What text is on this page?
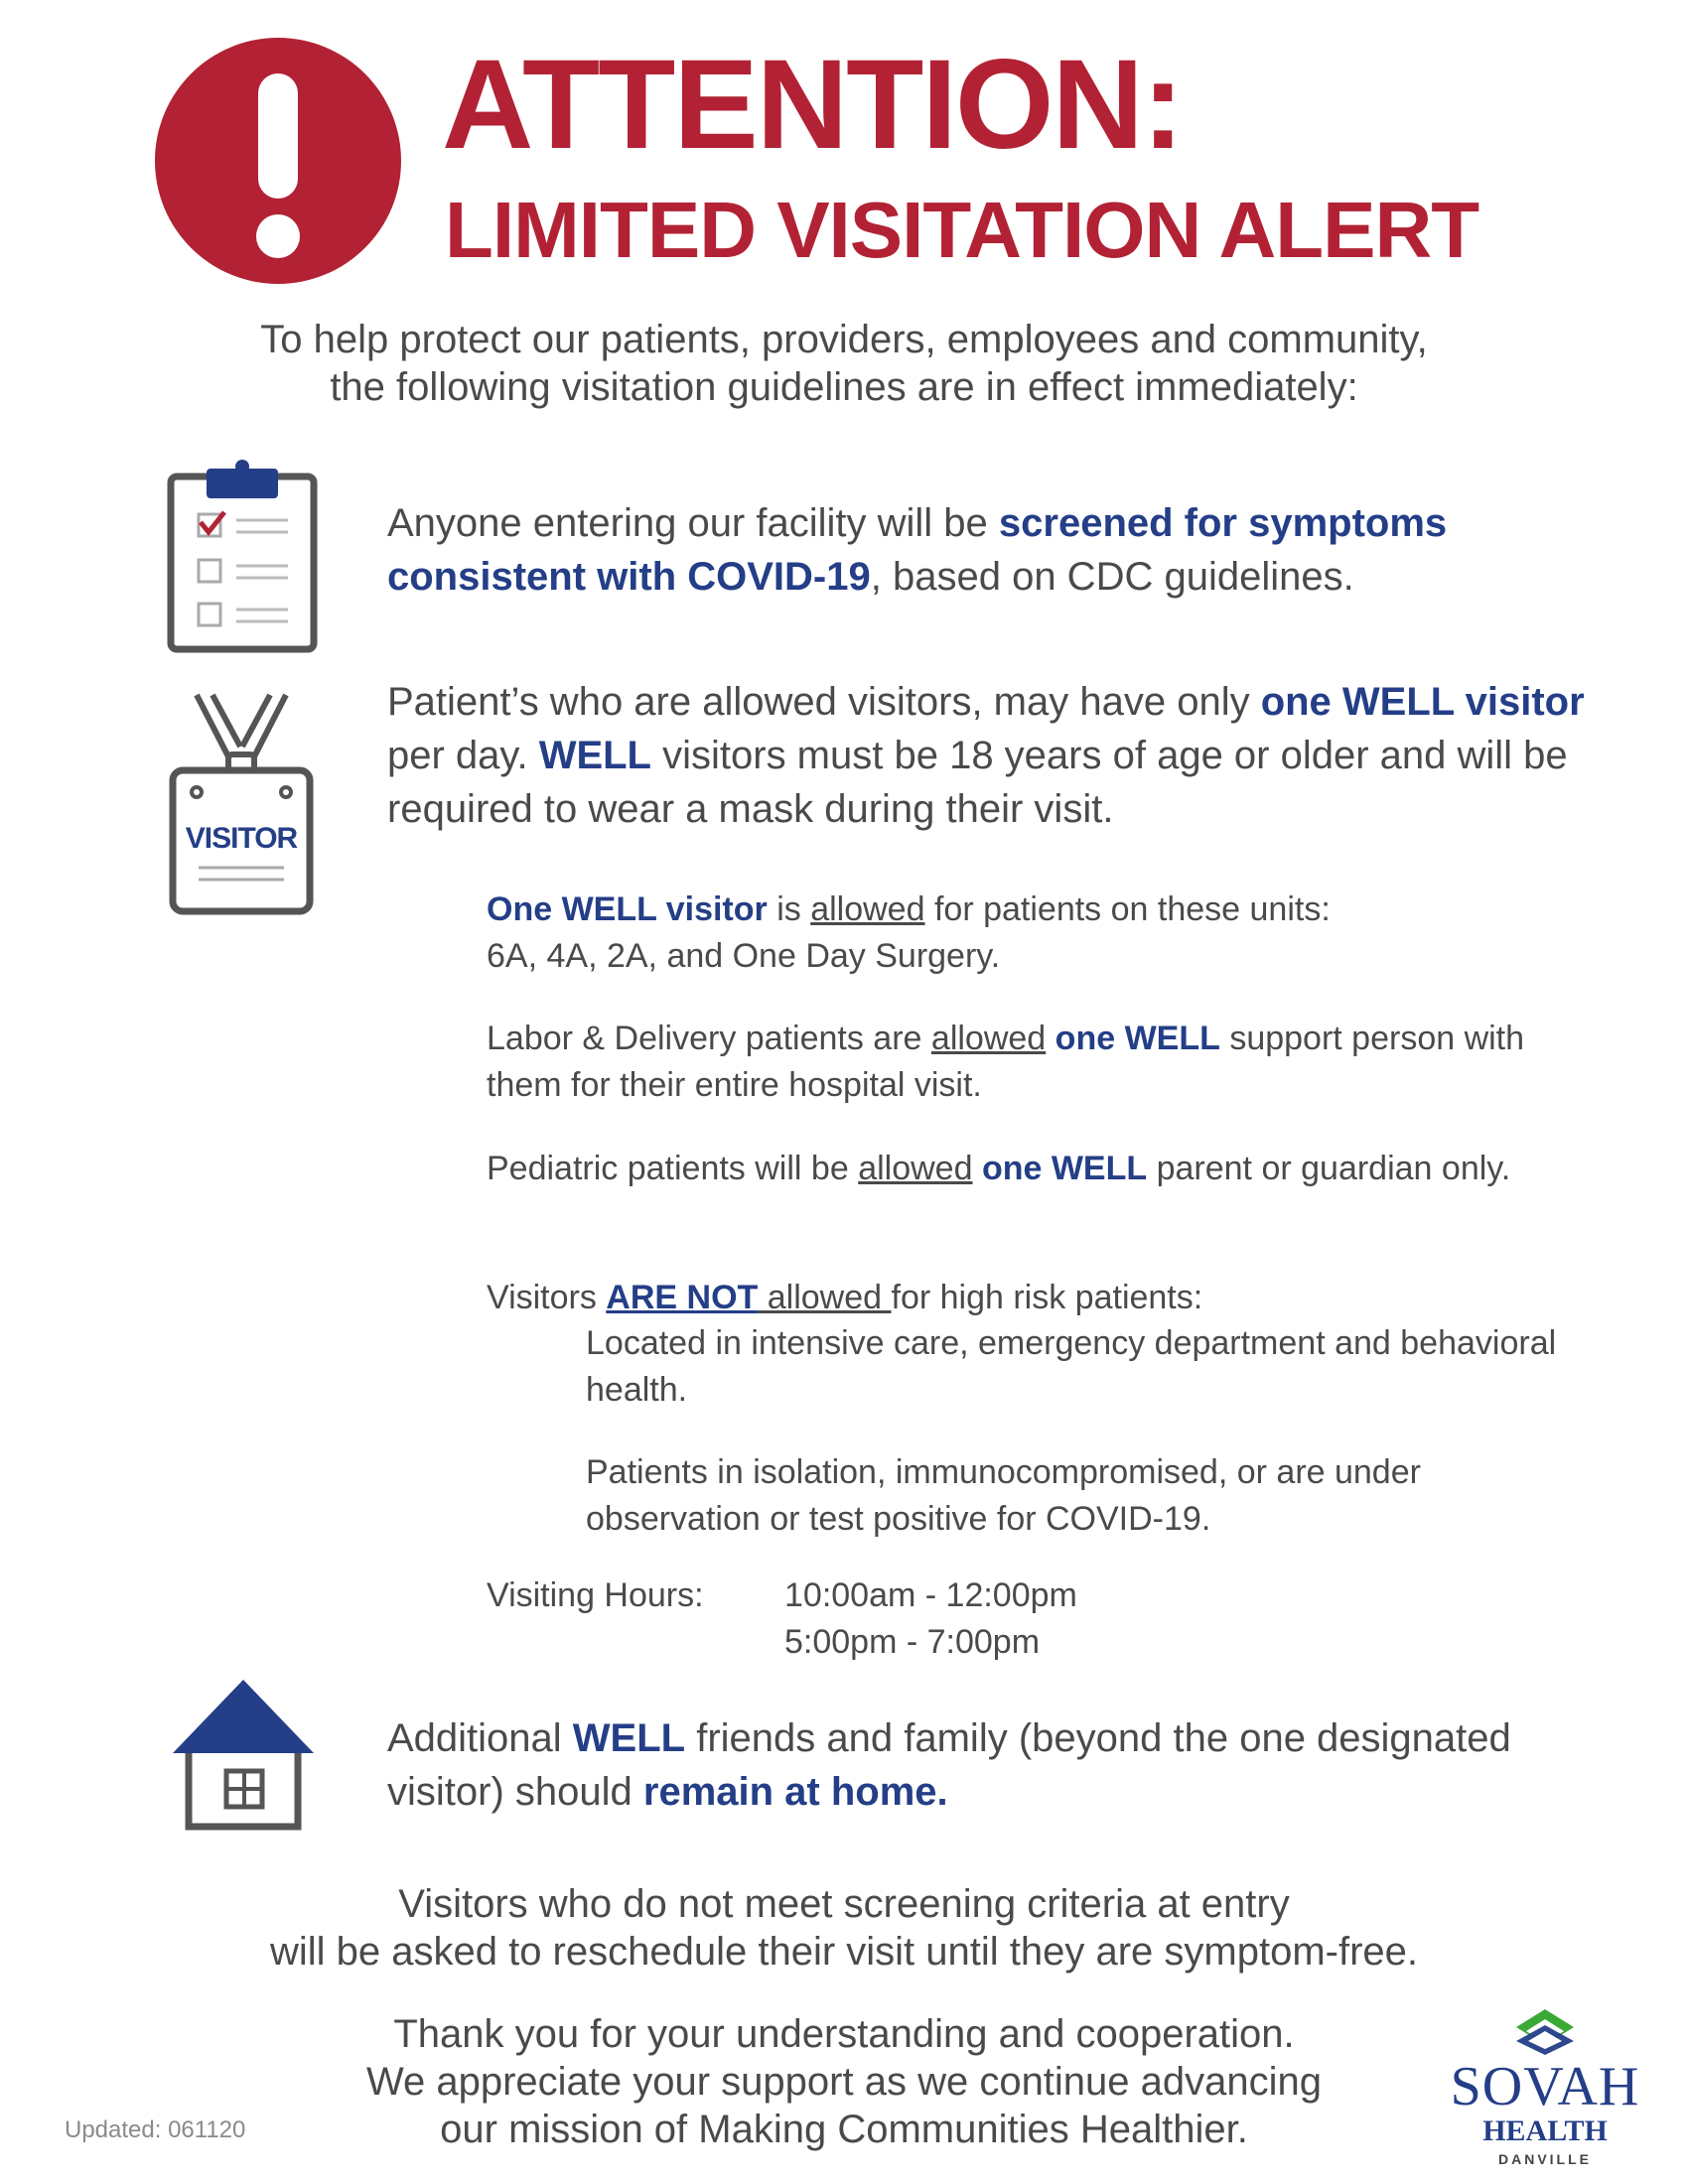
ATTENTION:
LIMITED VISITATION ALERT
To help protect our patients, providers, employees and community,
the following visitation guidelines are in effect immediately:
Anyone entering our facility will be screened for symptoms consistent with COVID-19, based on CDC guidelines.
VISITOR
Patient’s who are allowed visitors, may have only one WELL visitor per day. WELL visitors must be 18 years of age or older and will be required to wear a mask during their visit.
One WELL visitor is allowed for patients on these units:
6A, 4A, 2A, and One Day Surgery.
Labor & Delivery patients are allowed one WELL support person with them for their entire hospital visit.
Pediatric patients will be allowed one WELL parent or guardian only.
Visitors ARE NOT allowed for high risk patients:
Located in intensive care, emergency department and behavioral health.
Patients in isolation, immunocompromised, or are under observation or test positive for COVID-19.
Visiting Hours: 10:00am - 12:00pm
5:00pm - 7:00pm
Additional WELL friends and family (beyond the one designated visitor) should remain at home.
Visitors who do not meet screening criteria at entry
will be asked to reschedule their visit until they are symptom-free.
Thank you for your understanding and cooperation.
We appreciate your support as we continue advancing
our mission of Making Communities Healthier.
Updated: 061120
SOVAH
HEALTH
DANVILLE
